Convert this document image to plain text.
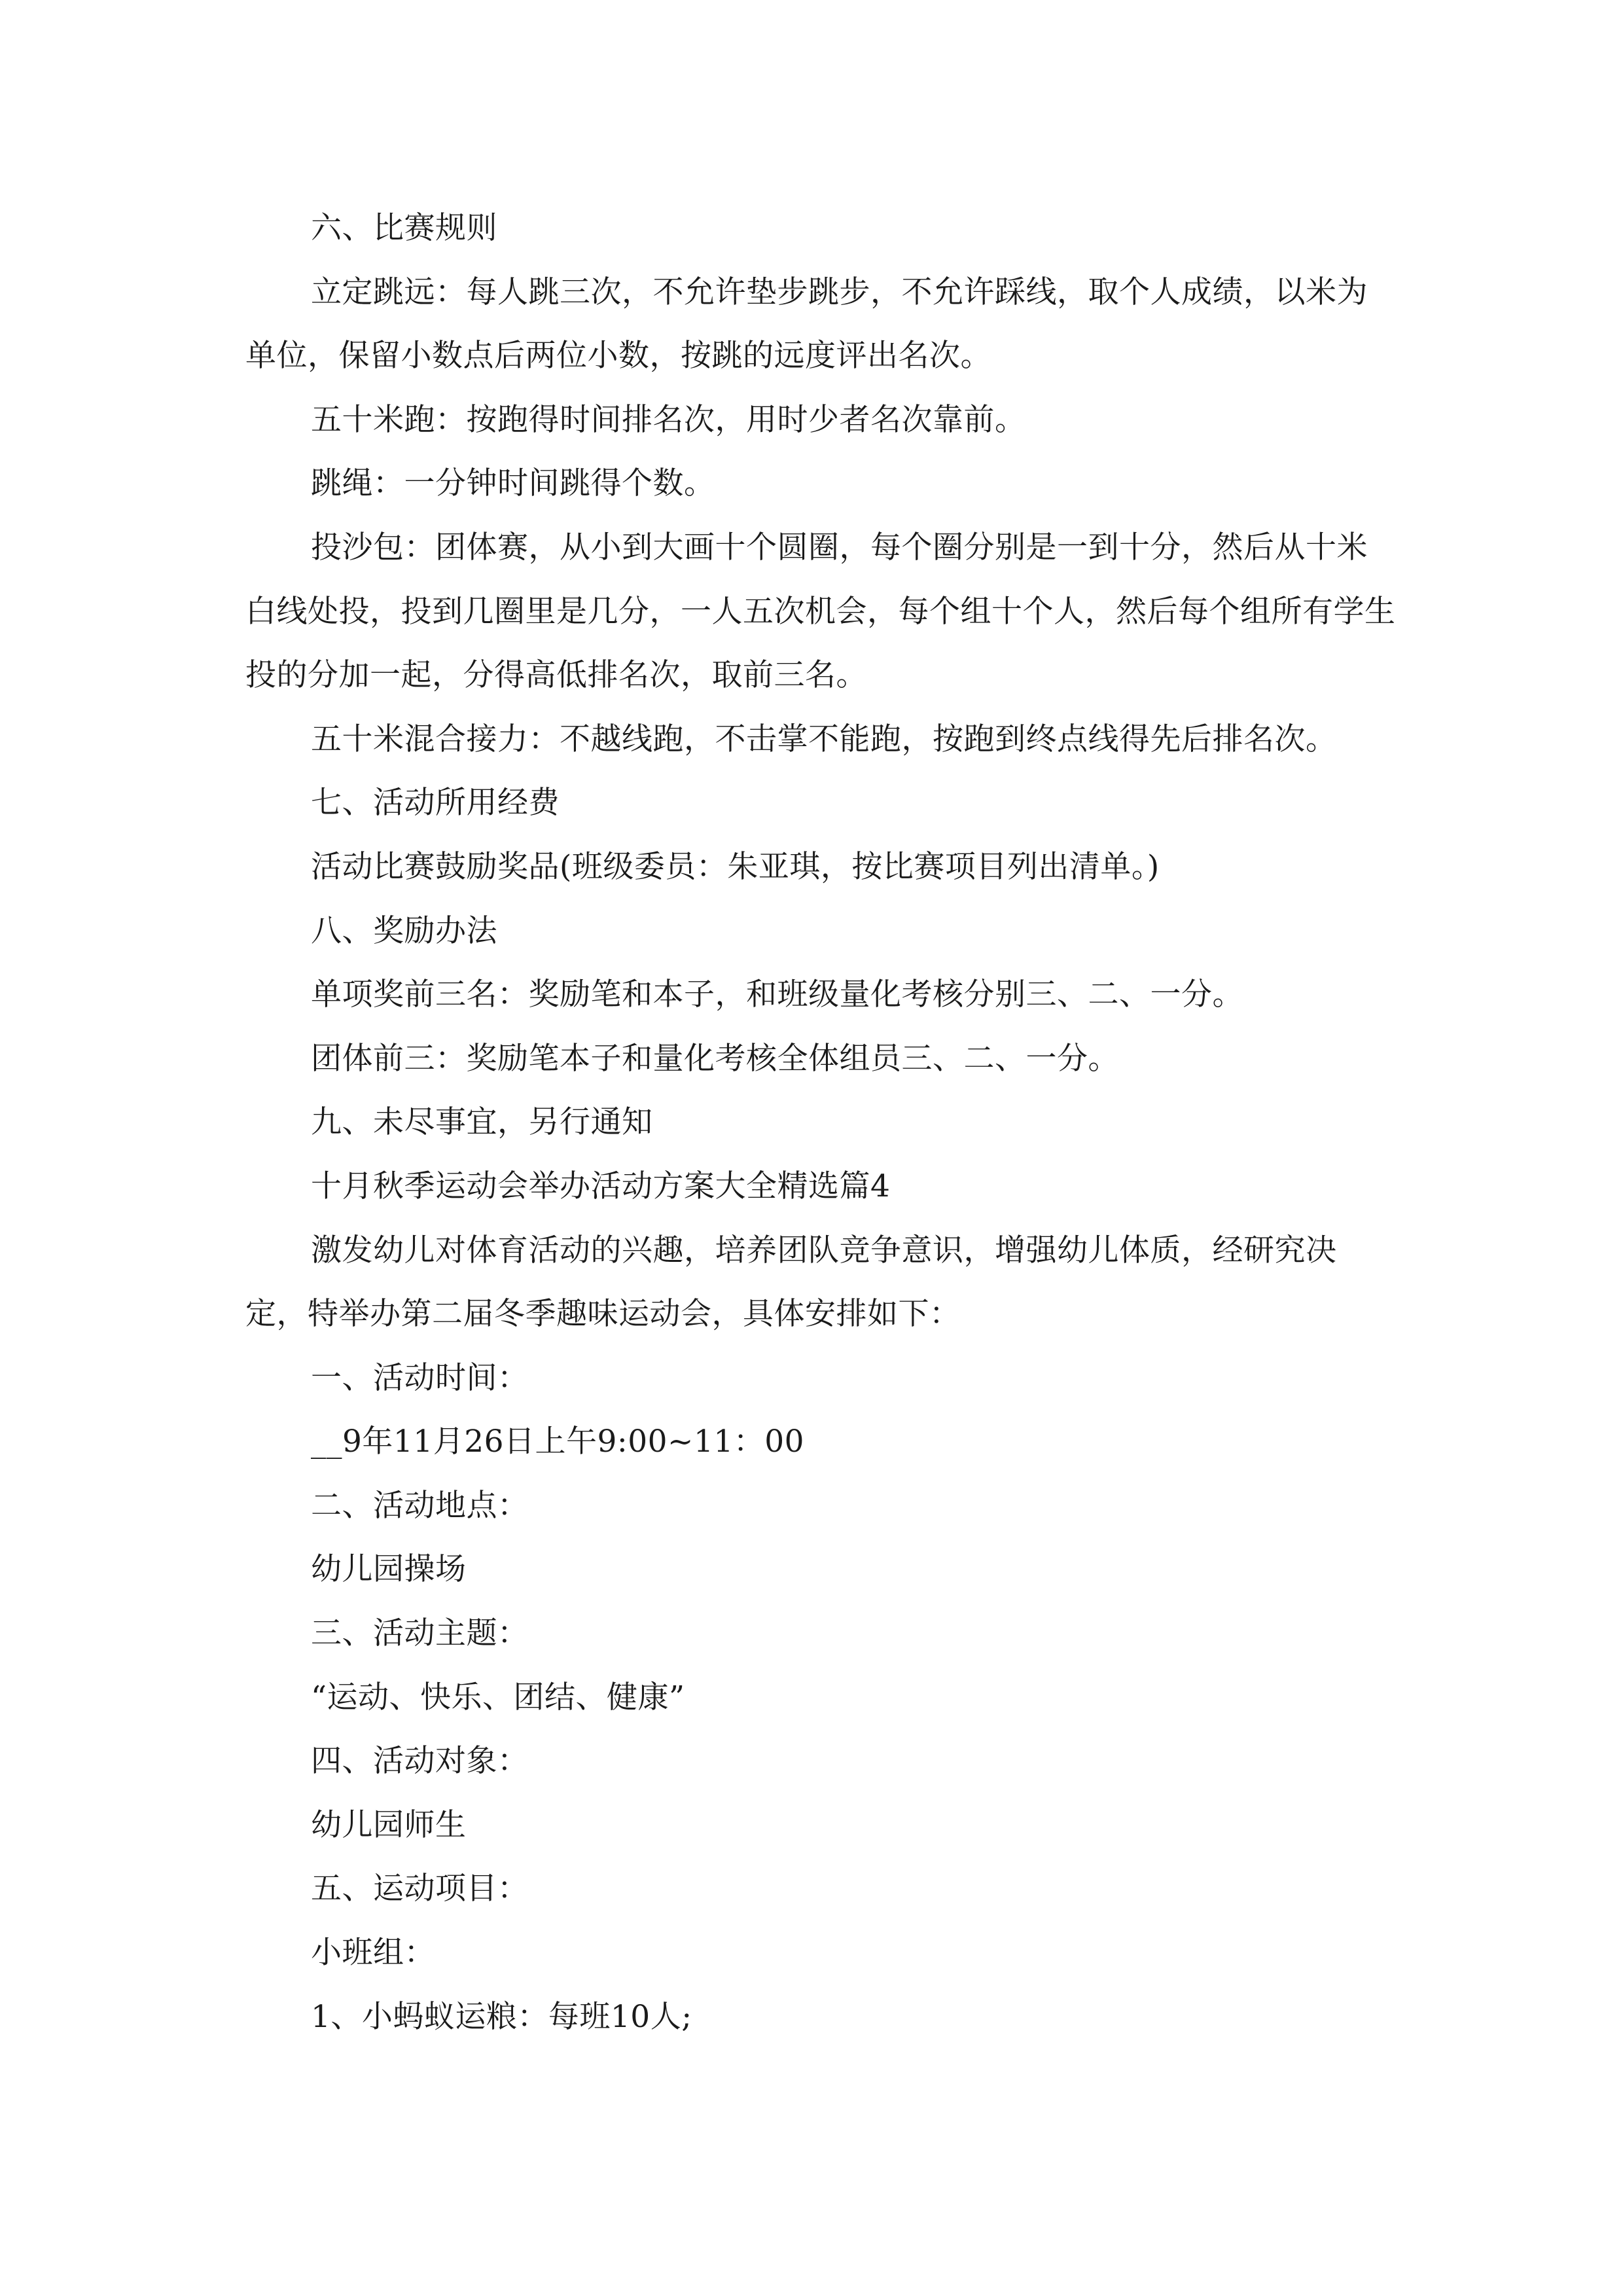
六、比赛规则

立定跳远：每人跳三次，不允许垫步跳步，不允许踩线，取个人成绩，以米为单位，保留小数点后两位小数，按跳的远度评出名次。

五十米跑：按跑得时间排名次，用时少者名次靠前。

跳绳：一分钟时间跳得个数。

投沙包：团体赛，从小到大画十个圆圈，每个圈分别是一到十分，然后从十米白线处投，投到几圈里是几分，一人五次机会，每个组十个人，然后每个组所有学生投的分加一起，分得高低排名次，取前三名。

五十米混合接力：不越线跑，不击掌不能跑，按跑到终点线得先后排名次。

七、活动所用经费

活动比赛鼓励奖品(班级委员：朱亚琪，按比赛项目列出清单。)

八、奖励办法

单项奖前三名：奖励笔和本子，和班级量化考核分别三、二、一分。

团体前三：奖励笔本子和量化考核全体组员三、二、一分。

九、未尽事宜，另行通知

十月秋季运动会举办活动方案大全精选篇4

激发幼儿对体育活动的兴趣，培养团队竞争意识，增强幼儿体质，经研究决定，特举办第二届冬季趣味运动会，具体安排如下：

一、活动时间：

__9年11月26日上午9:00~11：00

二、活动地点：

幼儿园操场

三、活动主题：

“运动、快乐、团结、健康”

四、活动对象：

幼儿园师生

五、运动项目：

小班组：

1、小蚂蚁运粮：每班10人;
